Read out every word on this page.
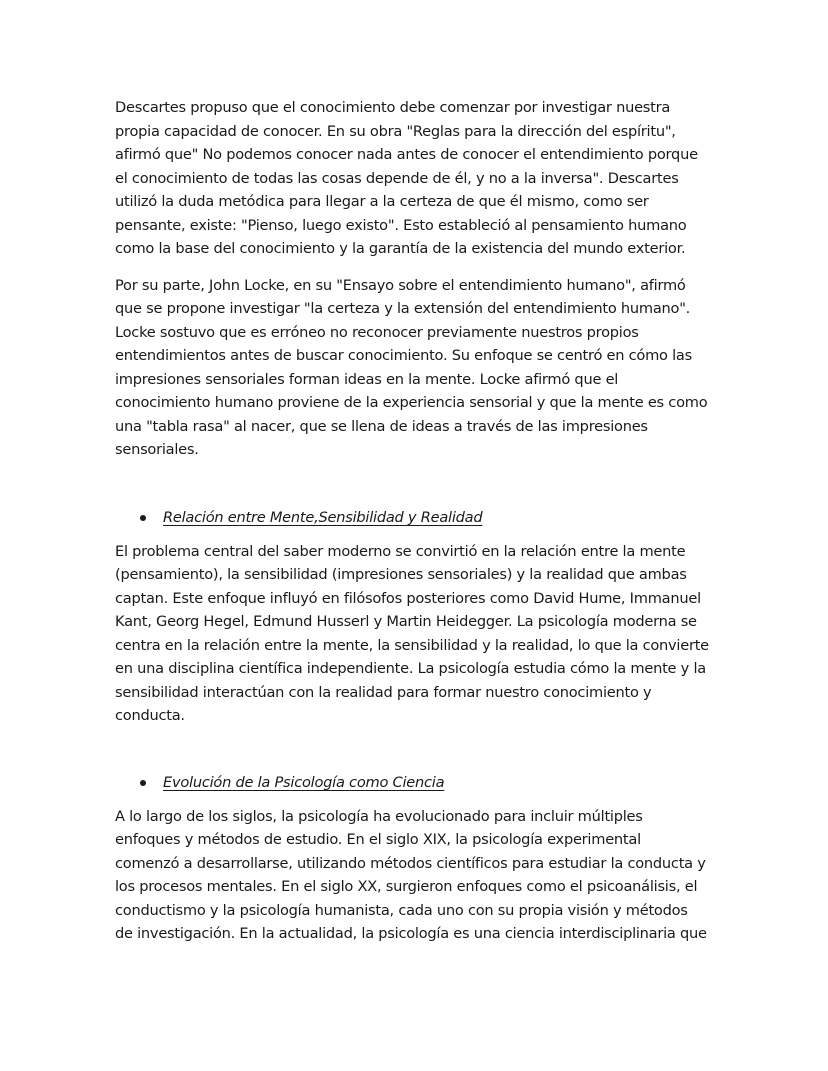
Descartes propuso que el conocimiento debe comenzar por investigar nuestra
propia capacidad de conocer. En su obra "Reglas para la dirección del espíritu",
afirmó que" No podemos conocer nada antes de conocer el entendimiento porque
el conocimiento de todas las cosas depende de él, y no a la inversa". Descartes
utilizó la duda metódica para llegar a la certeza de que él mismo, como ser
pensante, existe: "Pienso, luego existo". Esto estableció al pensamiento humano
como la base del conocimiento y la garantía de la existencia del mundo exterior.

Por su parte, John Locke, en su "Ensayo sobre el entendimiento humano", afirmó
que se propone investigar "la certeza y la extensión del entendimiento humano".
Locke sostuvo que es erróneo no reconocer previamente nuestros propios
entendimientos antes de buscar conocimiento. Su enfoque se centró en cómo las
impresiones sensoriales forman ideas en la mente. Locke afirmó que el
conocimiento humano proviene de la experiencia sensorial y que la mente es como
una "tabla rasa" al nacer, que se llena de ideas a través de las impresiones
sensoriales.

Relación entre Mente,Sensibilidad y Realidad

El problema central del saber moderno se convirtió en la relación entre la mente
(pensamiento), la sensibilidad (impresiones sensoriales) y la realidad que ambas
captan. Este enfoque influyó en filósofos posteriores como David Hume, Immanuel
Kant, Georg Hegel, Edmund Husserl y Martin Heidegger. La psicología moderna se
centra en la relación entre la mente, la sensibilidad y la realidad, lo que la convierte
en una disciplina científica independiente. La psicología estudia cómo la mente y la
sensibilidad interactúan con la realidad para formar nuestro conocimiento y
conducta.

Evolución de la Psicología como Ciencia

A lo largo de los siglos, la psicología ha evolucionado para incluir múltiples
enfoques y métodos de estudio. En el siglo XIX, la psicología experimental
comenzó a desarrollarse, utilizando métodos científicos para estudiar la conducta y
los procesos mentales. En el siglo XX, surgieron enfoques como el psicoanálisis, el
conductismo y la psicología humanista, cada uno con su propia visión y métodos
de investigación. En la actualidad, la psicología es una ciencia interdisciplinaria que
